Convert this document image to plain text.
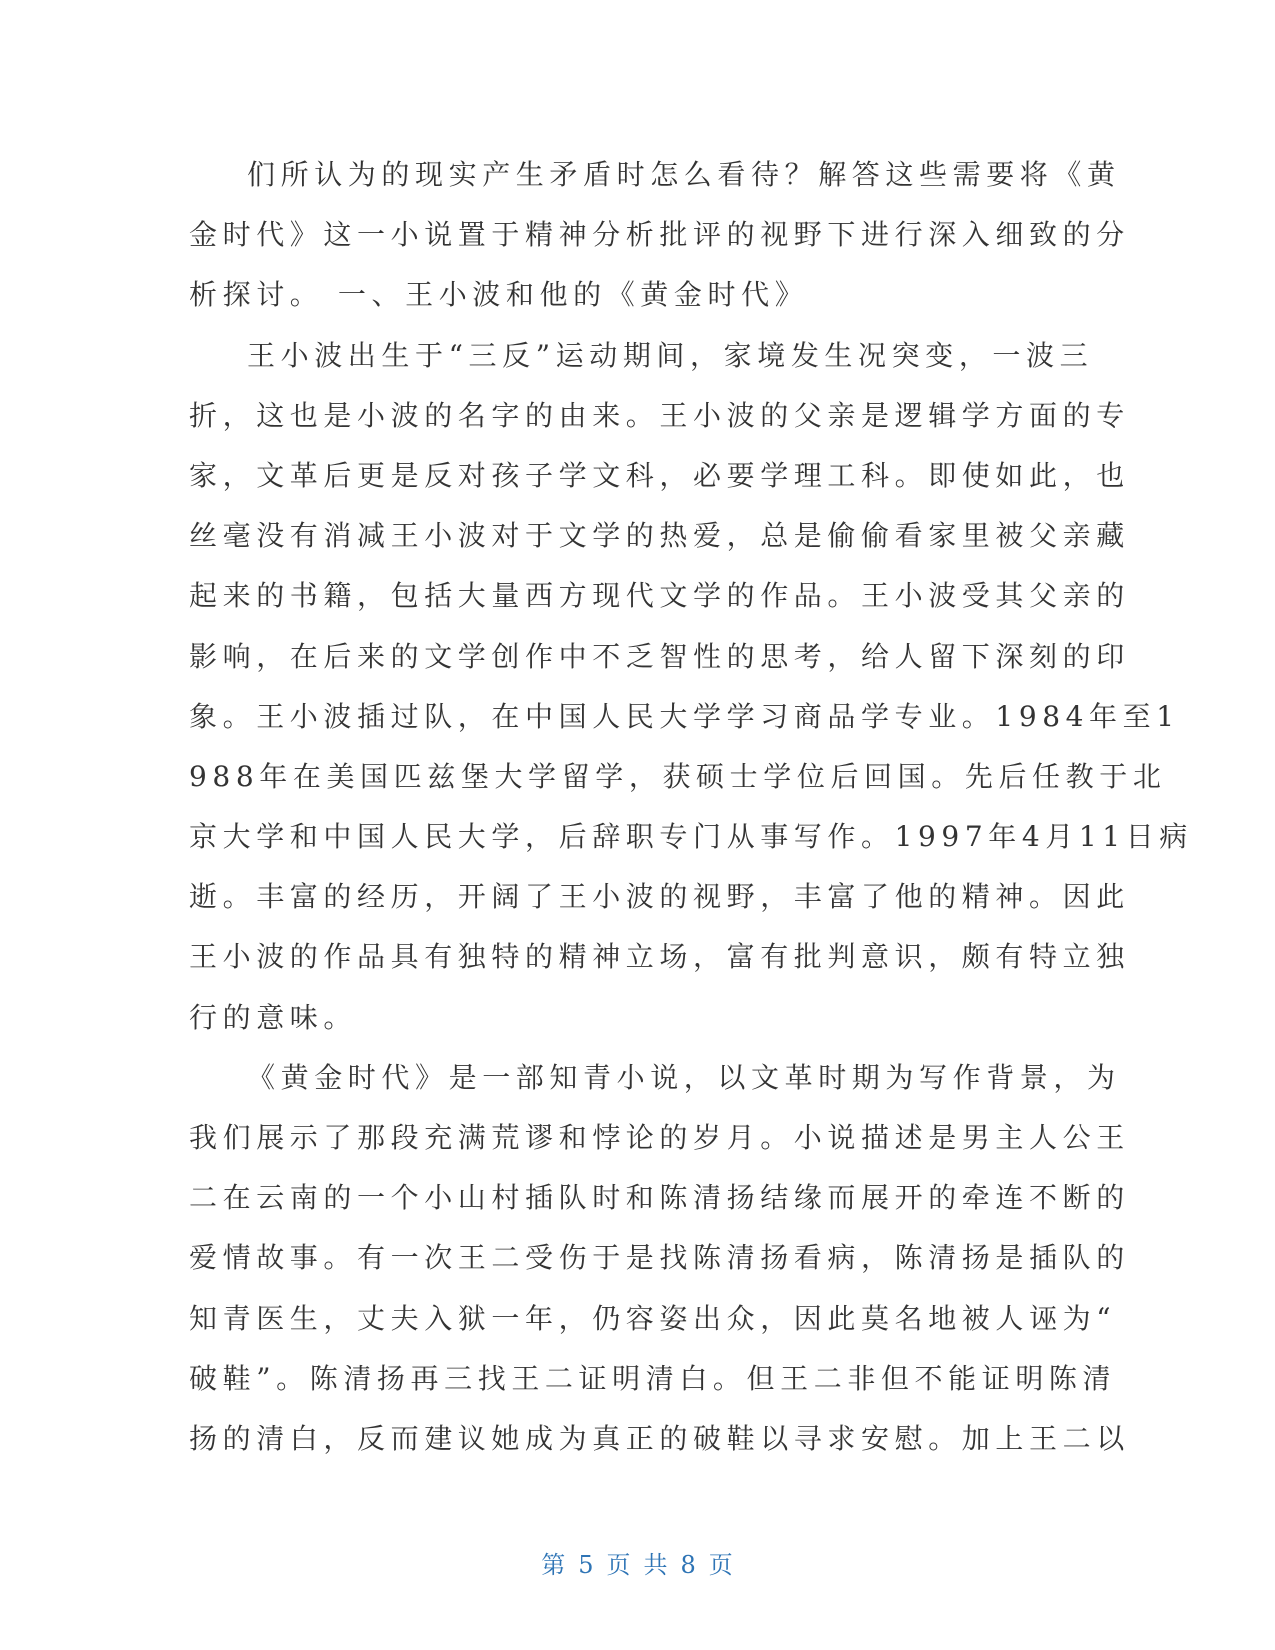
们所认为的现实产生矛盾时怎么看待？解答这些需要将《黄
金时代》这一小说置于精神分析批评的视野下进行深入细致的分
析探讨。 一、王小波和他的《黄金时代》
王小波出生于“三反”运动期间，家境发生况突变，一波三
折，这也是小波的名字的由来。王小波的父亲是逻辑学方面的专
家，文革后更是反对孩子学文科，必要学理工科。即使如此，也
丝毫没有消减王小波对于文学的热爱，总是偷偷看家里被父亲藏
起来的书籍，包括大量西方现代文学的作品。王小波受其父亲的
影响，在后来的文学创作中不乏智性的思考，给人留下深刻的印
象。王小波插过队，在中国人民大学学习商品学专业。1984年至1
988年在美国匹兹堡大学留学，获硕士学位后回国。先后任教于北
京大学和中国人民大学，后辞职专门从事写作。1997年4月11日病
逝。丰富的经历，开阔了王小波的视野，丰富了他的精神。因此
王小波的作品具有独特的精神立场，富有批判意识，颇有特立独
行的意味。
《黄金时代》是一部知青小说，以文革时期为写作背景，为
我们展示了那段充满荒谬和悖论的岁月。小说描述是男主人公王
二在云南的一个小山村插队时和陈清扬结缘而展开的牵连不断的
爱情故事。有一次王二受伤于是找陈清扬看病，陈清扬是插队的
知青医生，丈夫入狱一年，仍容姿出众，因此莫名地被人诬为“
破鞋”。陈清扬再三找王二证明清白。但王二非但不能证明陈清
扬的清白，反而建议她成为真正的破鞋以寻求安慰。加上王二以
第 5 页 共 8 页
